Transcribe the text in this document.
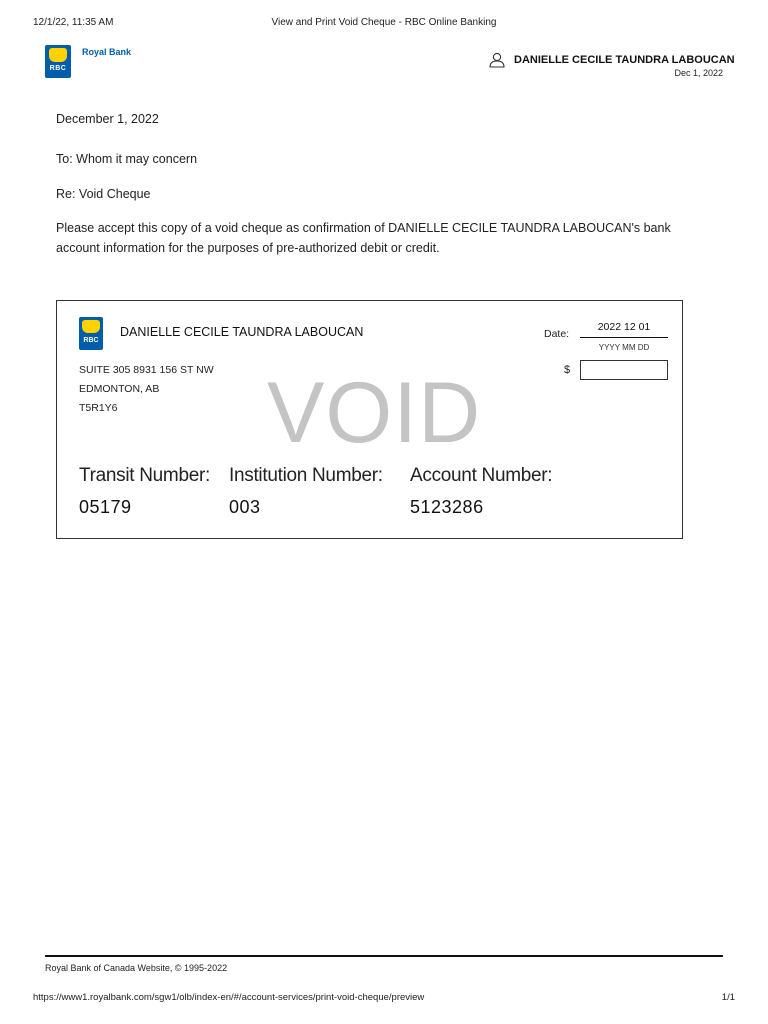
12/1/22, 11:35 AM	View and Print Void Cheque - RBC Online Banking
RBC
Royal Bank
DANIELLE CECILE TAUNDRA LABOUCAN
Dec 1, 2022
December 1, 2022
To: Whom it may concern
Re: Void Cheque
Please accept this copy of a void cheque as confirmation of DANIELLE CECILE TAUNDRA LABOUCAN's bank
account information for the purposes of pre-authorized debit or credit.
RBC
DANIELLE CECILE TAUNDRA LABOUCAN
SUITE 305 8931 156 ST NW
EDMONTON, AB
T5R1Y6
Date:
2022 12 01
YYYY MM DD
$
VOID
Transit Number:
05179
Institution Number:
003
Account Number:
5123286
Royal Bank of Canada Website, © 1995-2022
https://www1.royalbank.com/sgw1/olb/index-en/#/account-services/print-void-cheque/preview	1/1
